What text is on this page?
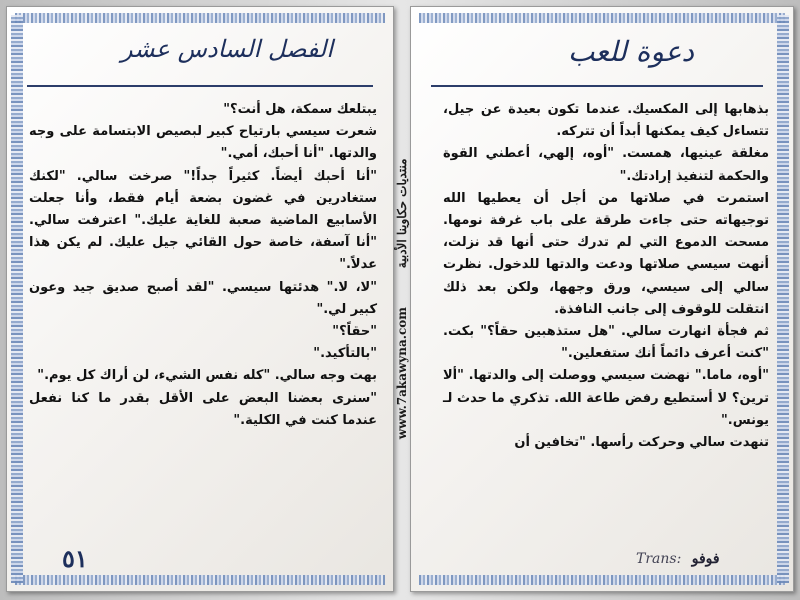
الفصل السادس عشر

يبتلعك سمكة، هل أنت؟"

شعرت سيسي بارتياح كبير لبصيص الابتسامة على وجه والدتها. "أنا أحبك، أمي."

"أنا أحبك أيضاً. كثيراً جداً!" صرخت سالي. "لكنك ستغادرين في غضون بضعة أيام فقط، وأنا جعلت الأسابيع الماضية صعبة للغاية عليك." اعترفت سالي. "أنا آسفة، خاصة حول القائي جيل عليك. لم يكن هذا عدلاً."

"لا، لا." هدئتها سيسي. "لقد أصبح صديق جيد وعون كبير لي."

"حقاً؟"

"بالتأكيد."

بهت وجه سالي. "كله نفس الشيء، لن أراك كل يوم."

"سنرى بعضنا البعض على الأقل بقدر ما كنا نفعل عندما كنت في الكلية."

٥١
www.7akawyna.com  منتديات حكاوينا الأدبية
دعوة للعب

بذهابها إلى المكسيك. عندما تكون بعيدة عن جيل، تتساءل كيف يمكنها أبداً أن تتركه.

مغلقة عينيها، همست. "أوه، إلهي، أعطني القوة والحكمة لتنفيذ إرادتك."

استمرت في صلاتها من أجل أن يعطيها الله توجيهاته حتى جاءت طرقة على باب غرفة نومها. مسحت الدموع التي لم تدرك حتى أنها قد نزلت، أنهت سيسي صلاتها ودعت والدتها للدخول. نظرت سالي إلى سيسي، ورق وجهها، ولكن بعد ذلك انتقلت للوقوف إلى جانب النافذة.

ثم فجأة انهارت سالي. "هل ستذهبين حقاً؟" بكت. "كنت أعرف دائماً أنك ستفعلين."

"أوه، ماما." نهضت سيسي ووصلت إلى والدتها. "ألا ترين؟ لا أستطيع رفض طاعة الله. تذكري ما حدث لـ يونس."

تنهدت سالي وحركت رأسها. "تخافين أن

Trans: فوفو
